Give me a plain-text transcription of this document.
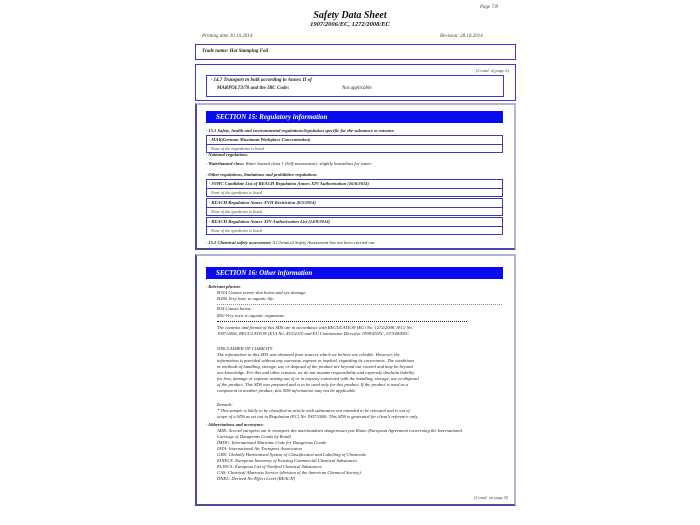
Page 7/8
Safety Data Sheet
1907/2006/EC, 1272/2008/EC
Printing date 30.10.2014	Revision: 28.10.2014
Trade name: Hot Stamping Foil
(Contd. of page 6)
· 14.7 Transport in bulk according to Annex II of
MARPOL73/78 and the IBC Code:	Not applicable.
SECTION 15: Regulatory information
· 15.1 Safety, health and environmental regulations/legislation specific for the substance or mixture
· MAK(German Maximum Workplace Concentration)
None of the ingredients is listed.
· National regulations
· Waterhazard class: Water hazard class 1 (Self-assessment): slightly hazardous for water.
· Other regulations, limitations and prohibitive regulations
· SVHC Candidate List of REACH Regulation Annex XIV Authorisation (16/6/2014)
None of the igredients is listed
· REACH Regulation Annex XVII Restriction (8/5/2014)
None of the igredients is listed
· REACH Regulation Annex XIV Authorisation List (14/8/2014)
None of the igredients is listed
· 15.2 Chemical safety assessment: A Chemical Safety Assessment has not been carried out.
SECTION 16: Other information
· Relevant phrases
H314 Causes severe skin burns and eye damage.
H400 Very toxic to aquatic life.
R34 Causes burns.
R50 Very toxic to aquatic organisms.
The contents and format of this SDS are in accordance with REGULATION (EC) No. 1272/2008, (EC) No.
1907/2006, REGULATION (EU) No. 453/2010 and EU Commission Directive 1999/45/EC, 67/548/EEC.
DISCLAIMER OF LIABILITY
The information in this SDS was obtained from sources which we believe are reliable. However, the
information is provided without any warranty, express or implied, regarding its correctness. The conditions
or methods of handling, storage, use or disposal of the product are beyond our control and may be beyond
our knowledge. For this and other reasons, we do not assume responsibility and expressly disclaim liability
for loss, damage or expense arising out of or in anyway connected with the handling, storage, use or disposal
of the product. This SDS was prepared and is to be used only for this product. If the product is used as a
component in another product, this SDS information may not be applicable.
Remark:
* This sample is likely to be classified as article with substances not intended to be released and is out of
scope of a SDS as set out in Regulation (EC) No 1907/2006. This SDS is generated for client's reference only.
· Abbreviations and acronyms:
ADR: Accord européen sur le transport des marchandises dangereuses par Route (European Agreement concerning the International
Carriage of Dangerous Goods by Road)
IMDG: International Maritime Code for Dangerous Goods
IATA: International Air Transport Association
GHS: Globally Harmonised System of Classification and Labelling of Chemicals
EINECS: European Inventory of Existing Commercial Chemical Substances
ELINCS: European List of Notified Chemical Substances
CAS: Chemical Abstracts Service (division of the American Chemical Society)
DNEL: Derived No-Effect Level (REACH)
(Contd. on page 8)
